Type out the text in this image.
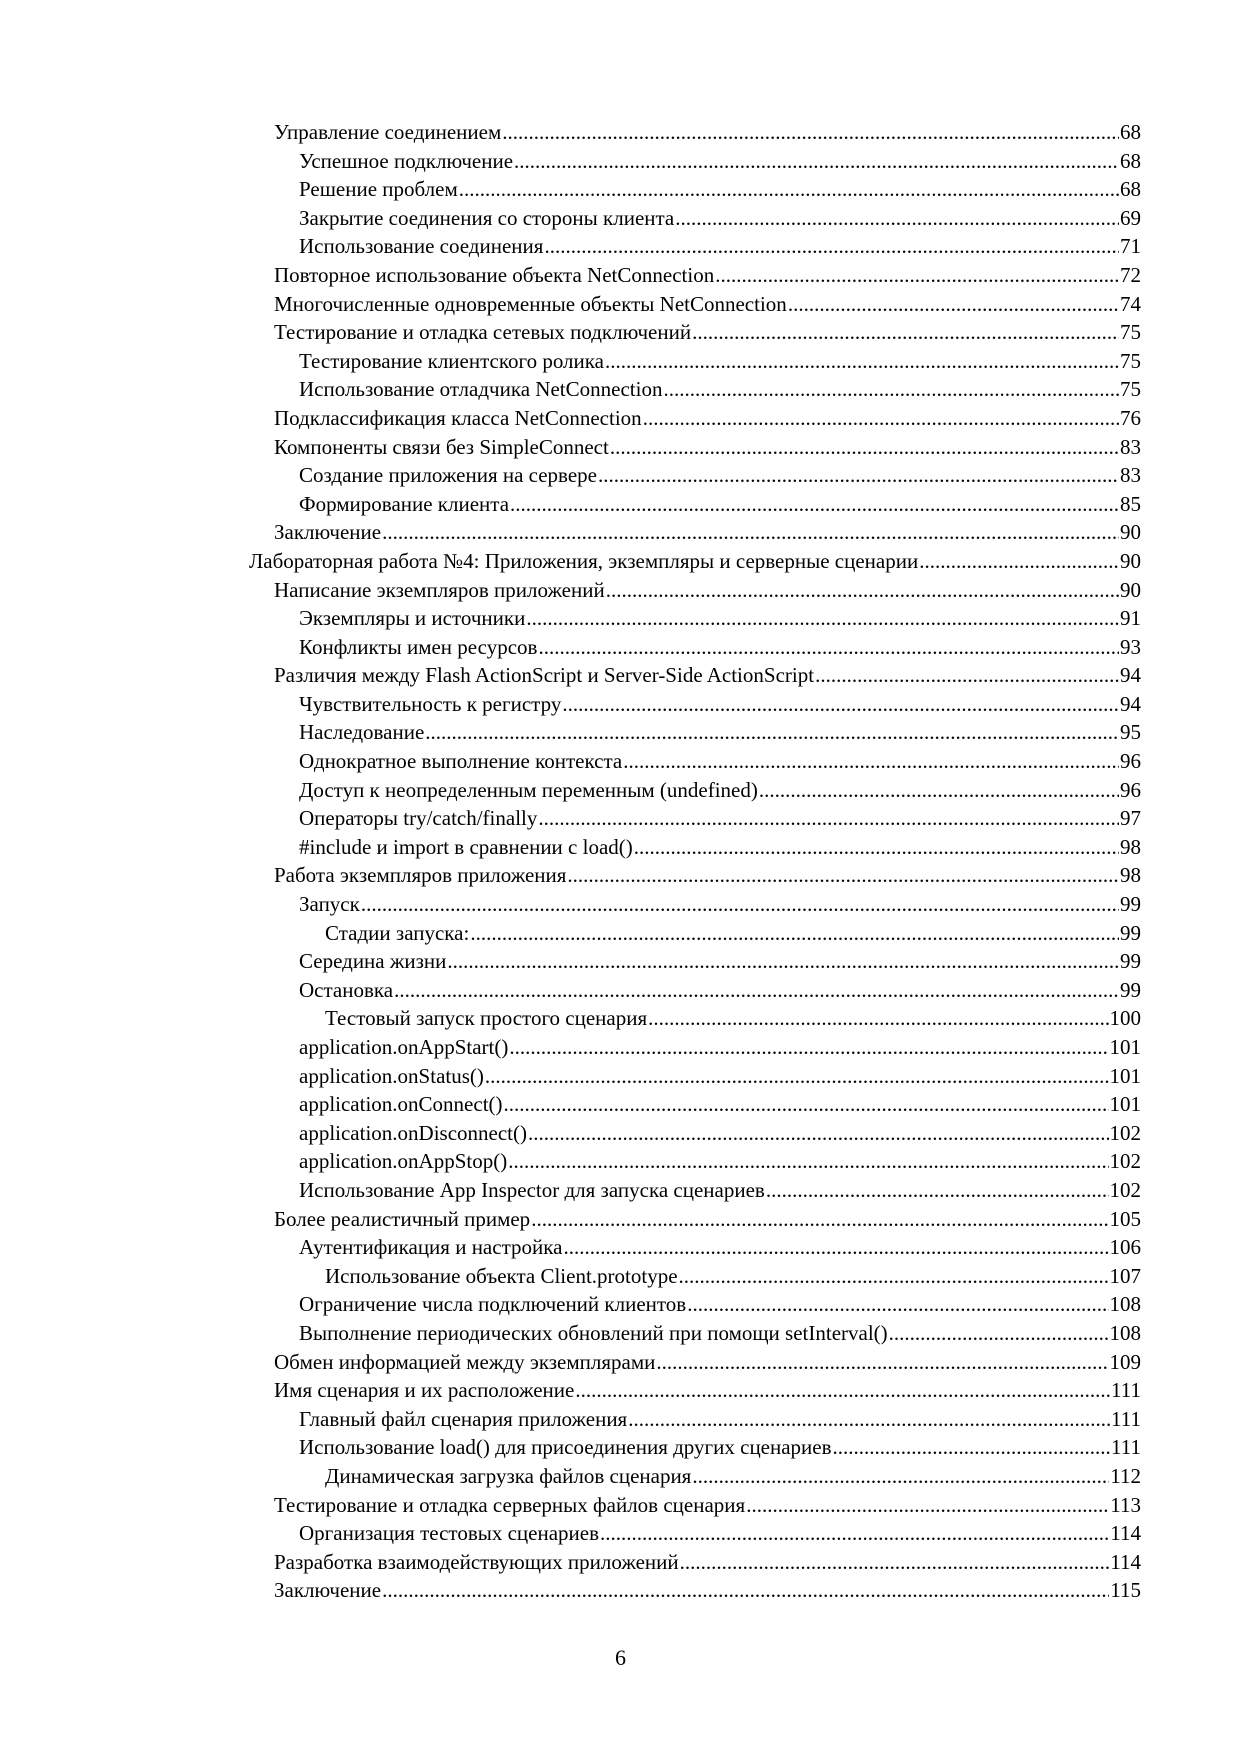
Управление соединением .....	68
Успешное подключение .....	68
Решение проблем .....	68
Закрытие соединения со стороны клиента .....	69
Использование соединения .....	71
Повторное использование объекта NetConnection .....	72
Многочисленные одновременные объекты NetConnection .....	74
Тестирование и отладка сетевых подключений .....	75
Тестирование клиентского ролика .....	75
Использование отладчика NetConnection .....	75
Подклассификация класса NetConnection .....	76
Компоненты связи без SimpleConnect .....	83
Создание приложения на сервере .....	83
Формирование клиента .....	85
Заключение .....	90
Лабораторная работа №4: Приложения, экземпляры и серверные сценарии .....	90
Написание экземпляров приложений .....	90
Экземпляры и источники .....	91
Конфликты имен ресурсов .....	93
Различия между Flash ActionScript и Server-Side ActionScript .....	94
Чувствительность к регистру .....	94
Наследование .....	95
Однократное выполнение контекста .....	96
Доступ к неопределенным переменным (undefined) .....	96
Операторы try/catch/finally .....	97
#include и import в сравнении с load() .....	98
Работа экземпляров приложения .....	98
Запуск .....	99
Стадии запуска: .....	99
Середина жизни .....	99
Остановка .....	99
Тестовый запуск простого сценария .....	100
application.onAppStart() .....	101
application.onStatus() .....	101
application.onConnect() .....	101
application.onDisconnect() .....	102
application.onAppStop() .....	102
Использование App Inspector для запуска сценариев .....	102
Более реалистичный пример .....	105
Аутентификация и настройка .....	106
Использование объекта Client.prototype .....	107
Ограничение числа подключений клиентов .....	108
Выполнение периодических обновлений при помощи setInterval() .....	108
Обмен информацией между экземплярами .....	109
Имя сценария и их расположение .....	111
Главный файл сценария приложения .....	111
Использование load() для присоединения других сценариев .....	111
Динамическая загрузка файлов сценария .....	112
Тестирование и отладка серверных файлов сценария .....	113
Организация тестовых сценариев .....	114
Разработка взаимодействующих приложений .....	114
Заключение .....	115
6
